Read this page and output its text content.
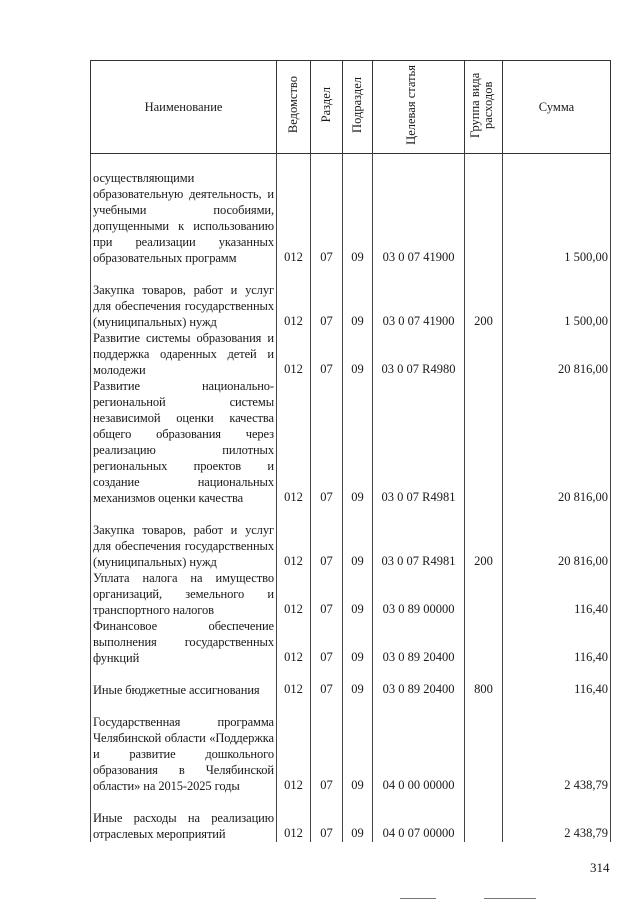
Наименование	Ведомство	Раздел	Подраздел	Целевая статья	Группа вида расходов	Сумма
осуществляющими образовательную деятельность, и учебными пособиями, допущенными к использованию при реализации указанных образовательных программ	012	07	09	03 0 07 41900		1 500,00
Закупка товаров, работ и услуг для обеспечения государственных (муниципальных) нужд	012	07	09	03 0 07 41900	200	1 500,00
Развитие системы образования и поддержка одаренных детей и молодежи	012	07	09	03 0 07 R4980		20 816,00
Развитие национально-региональной системы независимой оценки качества общего образования через реализацию пилотных региональных проектов и создание национальных механизмов оценки качества	012	07	09	03 0 07 R4981		20 816,00
Закупка товаров, работ и услуг для обеспечения государственных (муниципальных) нужд	012	07	09	03 0 07 R4981	200	20 816,00
Уплата налога на имущество организаций, земельного и транспортного налогов	012	07	09	03 0 89 00000		116,40
Финансовое обеспечение выполнения государственных функций	012	07	09	03 0 89 20400		116,40
Иные бюджетные ассигнования	012	07	09	03 0 89 20400	800	116,40
Государственная программа Челябинской области «Поддержка и развитие дошкольного образования в Челябинской области» на 2015-2025 годы	012	07	09	04 0 00 00000		2 438,79
Иные расходы на реализацию отраслевых мероприятий	012	07	09	04 0 07 00000		2 438,79
314
